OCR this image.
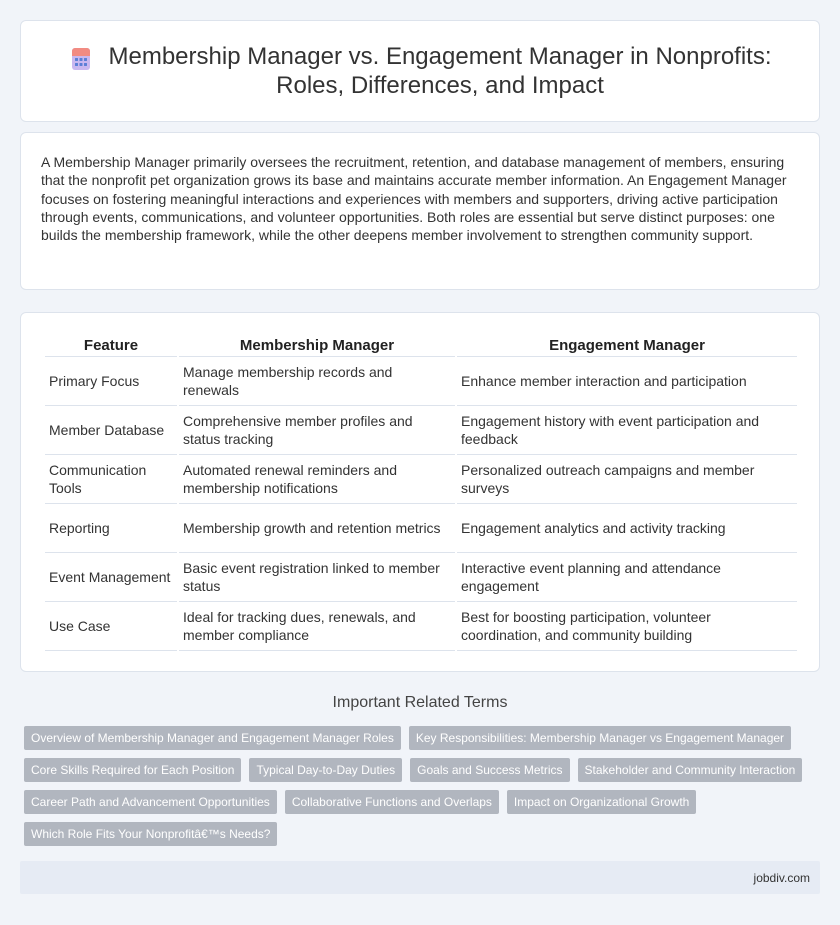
Membership Manager vs. Engagement Manager in Nonprofits: Roles, Differences, and Impact

A Membership Manager primarily oversees the recruitment, retention, and database management of members, ensuring that the nonprofit pet organization grows its base and maintains accurate member information. An Engagement Manager focuses on fostering meaningful interactions and experiences with members and supporters, driving active participation through events, communications, and volunteer opportunities. Both roles are essential but serve distinct purposes: one builds the membership framework, while the other deepens member involvement to strengthen community support.

Feature	Membership Manager	Engagement Manager
Primary Focus	Manage membership records and renewals	Enhance member interaction and participation
Member Database	Comprehensive member profiles and status tracking	Engagement history with event participation and feedback
Communication Tools	Automated renewal reminders and membership notifications	Personalized outreach campaigns and member surveys
Reporting	Membership growth and retention metrics	Engagement analytics and activity tracking
Event Management	Basic event registration linked to member status	Interactive event planning and attendance engagement
Use Case	Ideal for tracking dues, renewals, and member compliance	Best for boosting participation, volunteer coordination, and community building
Important Related Terms
Overview of Membership Manager and Engagement Manager Roles	Key Responsibilities: Membership Manager vs Engagement Manager
Core Skills Required for Each Position	Typical Day-to-Day Duties	Goals and Success Metrics	Stakeholder and Community Interaction
Career Path and Advancement Opportunities	Collaborative Functions and Overlaps	Impact on Organizational Growth
Which Role Fits Your Nonprofitâ€™s Needs?
jobdiv.com
